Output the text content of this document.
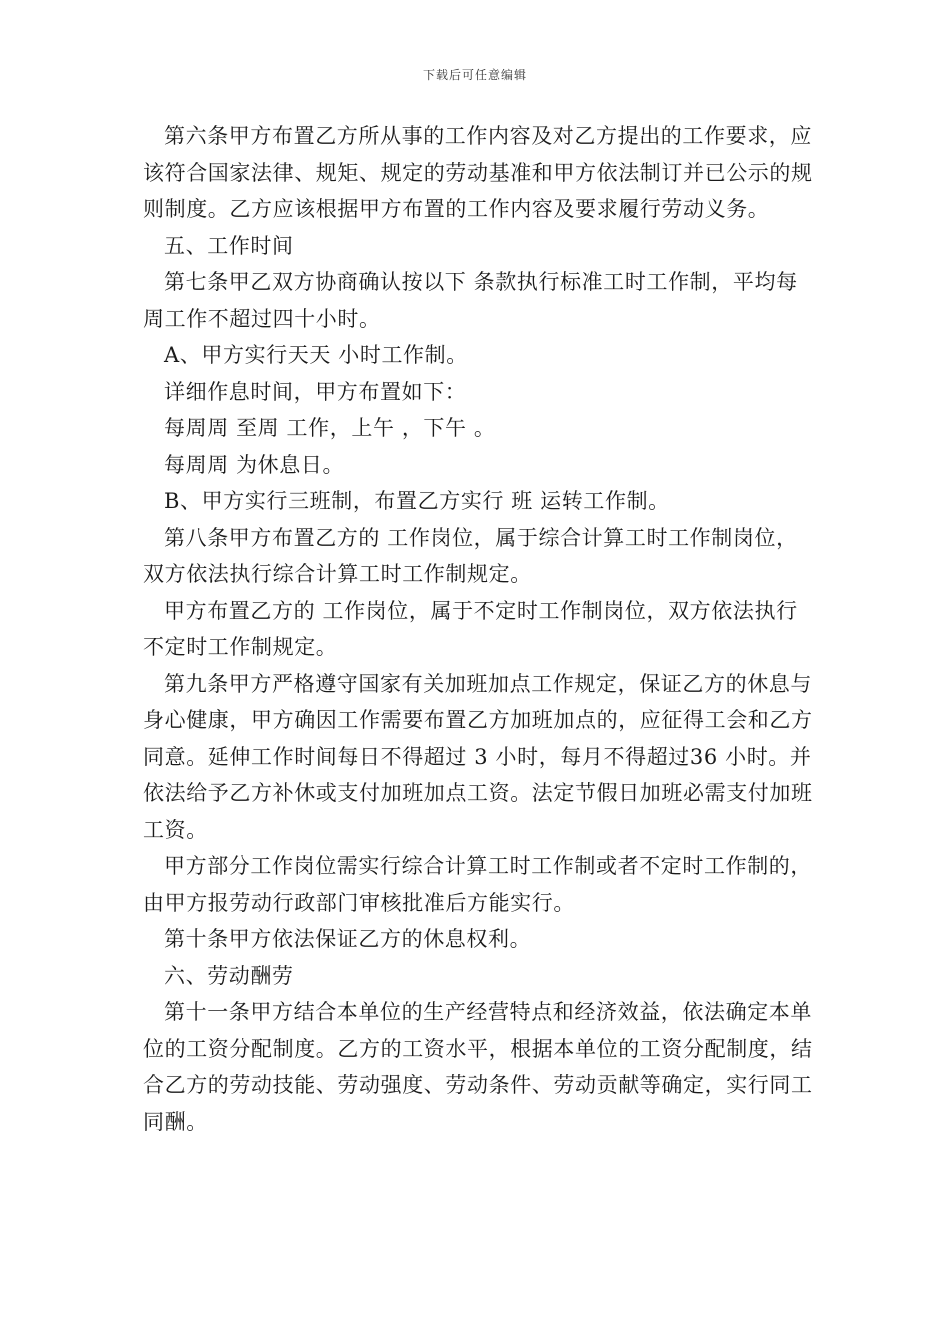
下载后可任意编辑

第六条甲方布置乙方所从事的工作内容及对乙方提出的工作要求，应该符合国家法律、规矩、规定的劳动基准和甲方依法制订并已公示的规则制度。乙方应该根据甲方布置的工作内容及要求履行劳动义务。

五、工作时间

第七条甲乙双方协商确认按以下 条款执行标准工时工作制，平均每周工作不超过四十小时。

A、甲方实行天天 小时工作制。

详细作息时间，甲方布置如下：

每周周 至周 工作，上午 ，下午 。

每周周 为休息日。

B、甲方实行三班制，布置乙方实行 班 运转工作制。

第八条甲方布置乙方的 工作岗位，属于综合计算工时工作制岗位，双方依法执行综合计算工时工作制规定。

甲方布置乙方的 工作岗位，属于不定时工作制岗位，双方依法执行不定时工作制规定。

第九条甲方严格遵守国家有关加班加点工作规定，保证乙方的休息与身心健康，甲方确因工作需要布置乙方加班加点的，应征得工会和乙方同意。延伸工作时间每日不得超过 3 小时，每月不得超过36 小时。并依法给予乙方补休或支付加班加点工资。法定节假日加班必需支付加班工资。

甲方部分工作岗位需实行综合计算工时工作制或者不定时工作制的，由甲方报劳动行政部门审核批准后方能实行。

第十条甲方依法保证乙方的休息权利。

六、劳动酬劳

第十一条甲方结合本单位的生产经营特点和经济效益，依法确定本单位的工资分配制度。乙方的工资水平，根据本单位的工资分配制度，结合乙方的劳动技能、劳动强度、劳动条件、劳动贡献等确定，实行同工同酬。
